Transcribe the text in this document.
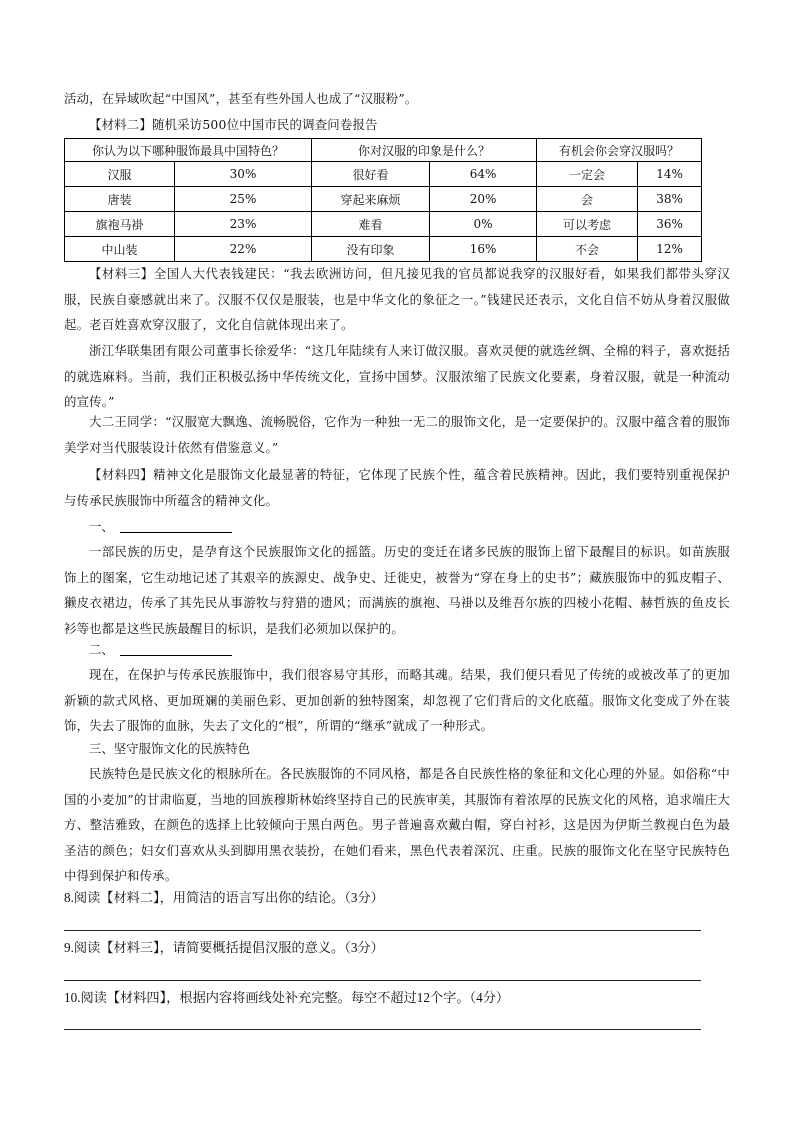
活动，在异域吹起“中国风”，甚至有些外国人也成了“汉服粉”。

【材料二】随机采访500位中国市民的调查问卷报告

你认为以下哪种服饰最具中国特色？		你对汉服的印象是什么？		有机会你会穿汉服吗？	
汉服	30%	很好看	64%	一定会	14%
唐装	25%	穿起来麻烦	20%	会	38%
旗袍马褂	23%	难看	0%	可以考虑	36%
中山装	22%	没有印象	16%	不会	12%

【材料三】全国人大代表钱建民：“我去欧洲访问，但凡接见我的官员都说我穿的汉服好看，如果我们都带头穿汉服，民族自豪感就出来了。汉服不仅仅是服装，也是中华文化的象征之一。”钱建民还表示，文化自信不妨从身着汉服做起。老百姓喜欢穿汉服了，文化自信就体现出来了。

浙江华联集团有限公司董事长徐爱华：“这几年陆续有人来订做汉服。喜欢灵便的就选丝绸、全棉的料子，喜欢挺括的就选麻料。当前，我们正积极弘扬中华传统文化，宣扬中国梦。汉服浓缩了民族文化要素，身着汉服，就是一种流动的宣传。”

大二王同学：“汉服宽大飘逸、流畅脱俗，它作为一种独一无二的服饰文化，是一定要保护的。汉服中蕴含着的服饰美学对当代服装设计依然有借鉴意义。”

【材料四】精神文化是服饰文化最显著的特征，它体现了民族个性，蕴含着民族精神。因此，我们要特别重视保护与传承民族服饰中所蕴含的精神文化。

一、

一部民族的历史，是孕育这个民族服饰文化的摇篮。历史的变迁在诸多民族的服饰上留下最醒目的标识。如苗族服饰上的图案，它生动地记述了其艰辛的族源史、战争史、迁徙史，被誉为“穿在身上的史书”；藏族服饰中的狐皮帽子、獭皮衣裙边，传承了其先民从事游牧与狩猎的遗风；而满族的旗袍、马褂以及维吾尔族的四棱小花帽、赫哲族的鱼皮长衫等也都是这些民族最醒目的标识，是我们必须加以保护的。

二、

现在，在保护与传承民族服饰中，我们很容易守其形，而略其魂。结果，我们便只看见了传统的或被改革了的更加新颖的款式风格、更加斑斓的美丽色彩、更加创新的独特图案，却忽视了它们背后的文化底蕴。服饰文化变成了外在装饰，失去了服饰的血脉，失去了文化的“根”，所谓的“继承”就成了一种形式。

三、坚守服饰文化的民族特色

民族特色是民族文化的根脉所在。各民族服饰的不同风格，都是各自民族性格的象征和文化心理的外显。如俗称“中国的小麦加”的甘肃临夏，当地的回族穆斯林始终坚持自己的民族审美，其服饰有着浓厚的民族文化的风格，追求端庄大方、整洁雅致，在颜色的选择上比较倾向于黑白两色。男子普遍喜欢戴白帽，穿白衬衫，这是因为伊斯兰教视白色为最圣洁的颜色；妇女们喜欢从头到脚用黑衣装扮，在她们看来，黑色代表着深沉、庄重。民族的服饰文化在坚守民族特色中得到保护和传承。

8.阅读【材料二】，用简洁的语言写出你的结论。（3分）

9.阅读【材料三】，请简要概括提倡汉服的意义。（3分）

10.阅读【材料四】，根据内容将画线处补充完整。每空不超过12个字。（4分）
